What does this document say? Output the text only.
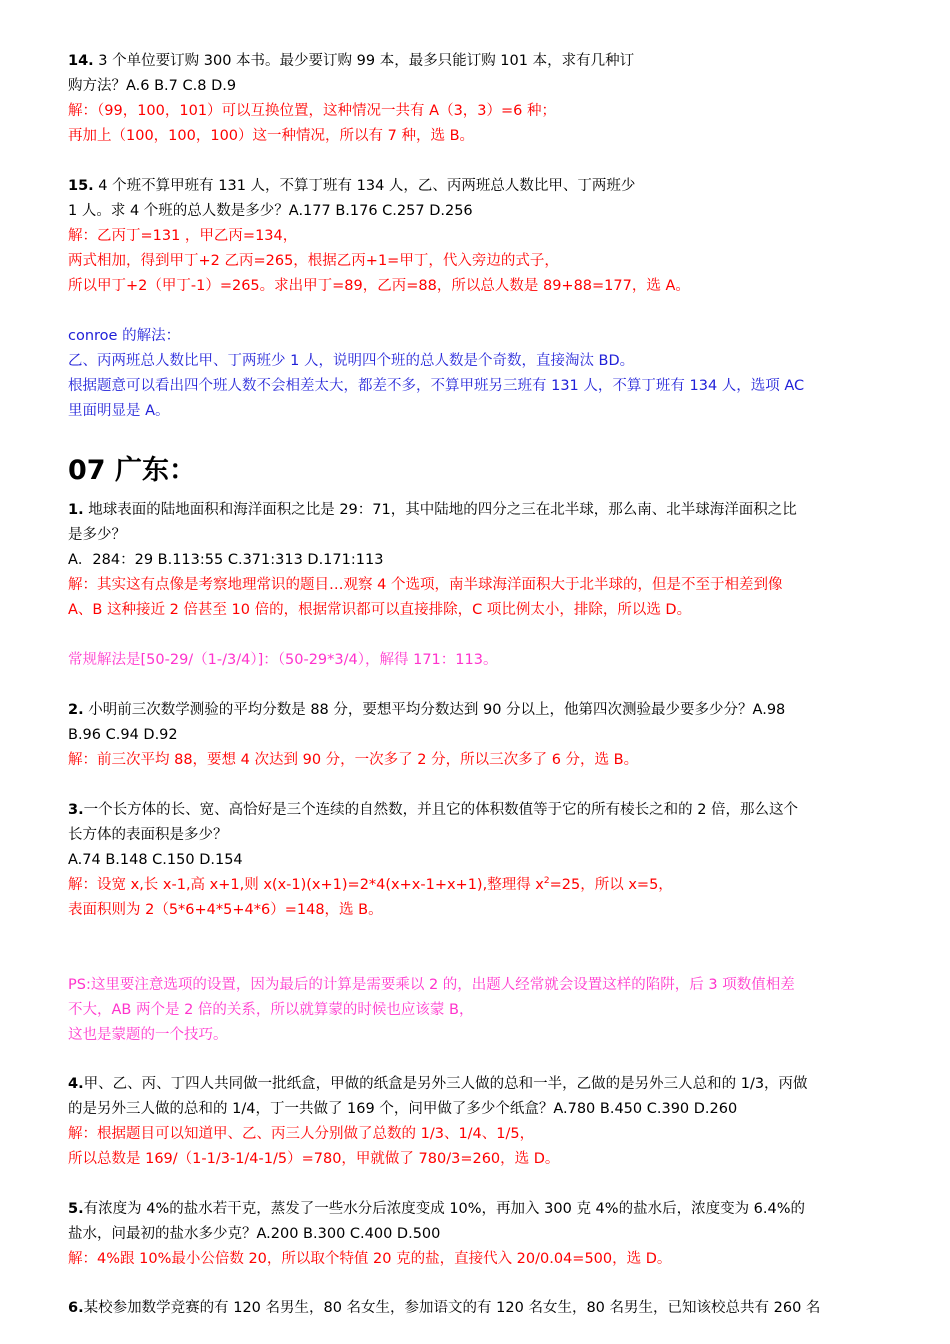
14. 3 个单位要订购 300 本书。最少要订购 99 本，最多只能订购 101 本，求有几种订
购方法？A.6 B.7 C.8 D.9
解：（99，100，101）可以互换位置，这种情况一共有 A（3，3）=6 种；
再加上（100，100，100）这一种情况，所以有 7 种，选 B。
15. 4 个班不算甲班有 131 人，不算丁班有 134 人，乙、丙两班总人数比甲、丁两班少
1 人。求 4 个班的总人数是多少？A.177 B.176 C.257 D.256
解：乙丙丁=131 ，甲乙丙=134，
两式相加，得到甲丁+2 乙丙=265，根据乙丙+1=甲丁，代入旁边的式子，
所以甲丁+2（甲丁-1）=265。求出甲丁=89，乙丙=88，所以总人数是 89+88=177，选 A。
conroe 的解法：
乙、丙两班总人数比甲、丁两班少 1 人，说明四个班的总人数是个奇数，直接淘汰 BD。
根据题意可以看出四个班人数不会相差太大，都差不多，不算甲班另三班有 131 人，不算丁班有 134 人，选项 AC
里面明显是 A。
07 广东：
1. 地球表面的陆地面积和海洋面积之比是 29：71，其中陆地的四分之三在北半球，那么南、北半球海洋面积之比
是多少？
A．284：29 B.113:55 C.371:313 D.171:113
解：其实这有点像是考察地理常识的题目…观察 4 个选项，南半球海洋面积大于北半球的，但是不至于相差到像
A、B 这种接近 2 倍甚至 10 倍的，根据常识都可以直接排除，C 项比例太小，排除，所以选 D。
常规解法是[50-29/（1-/3/4）]：（50-29*3/4），解得 171：113。
2. 小明前三次数学测验的平均分数是 88 分，要想平均分数达到 90 分以上，他第四次测验最少要多少分？A.98
B.96 C.94 D.92
解：前三次平均 88，要想 4 次达到 90 分，一次多了 2 分，所以三次多了 6 分，选 B。
3.一个长方体的长、宽、高恰好是三个连续的自然数，并且它的体积数值等于它的所有棱长之和的 2 倍，那么这个
长方体的表面积是多少？
A.74 B.148 C.150 D.154
解：设宽 x,长 x-1,高 x+1,则 x(x-1)(x+1)=2*4(x+x-1+x+1),整理得 $x^2=25$，所以 x=5，
表面积则为 2（5*6+4*5+4*6）=148，选 B。
PS:这里要注意选项的设置，因为最后的计算是需要乘以 2 的，出题人经常就会设置这样的陷阱，后 3 项数值相差
不大，AB 两个是 2 倍的关系，所以就算蒙的时候也应该蒙 B，
这也是蒙题的一个技巧。
4.甲、乙、丙、丁四人共同做一批纸盒，甲做的纸盒是另外三人做的总和一半，乙做的是另外三人总和的 1/3，丙做
的是另外三人做的总和的 1/4，丁一共做了 169 个，问甲做了多少个纸盒？A.780 B.450 C.390 D.260
解：根据题目可以知道甲、乙、丙三人分别做了总数的 1/3、1/4、1/5，
所以总数是 169/（1-1/3-1/4-1/5）=780，甲就做了 780/3=260，选 D。
5.有浓度为 4%的盐水若干克，蒸发了一些水分后浓度变成 10%，再加入 300 克 4%的盐水后，浓度变为 6.4%的
盐水，问最初的盐水多少克？A.200 B.300 C.400 D.500
解：4%跟 10%最小公倍数 20，所以取个特值 20 克的盐，直接代入 20/0.04=500，选 D。
6.某校参加数学竞赛的有 120 名男生，80 名女生，参加语文的有 120 名女生，80 名男生，已知该校总共有 260 名
